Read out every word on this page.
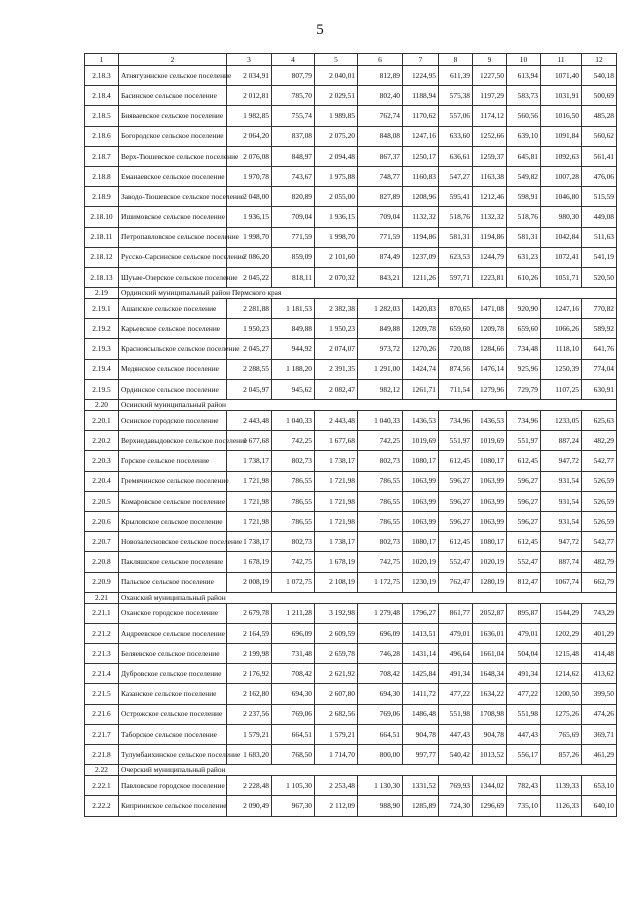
5
1	2	3	4	5	6	7	8	9	10	11	12
2.18.3	Атнягузинское сельское поселение	2 034,91	807,79	2 040,01	812,89	1224,95	611,39	1227,50	613,94	1071,40	540,18
2.18.4	Басинское сельское поселение	2 012,81	785,70	2 029,51	802,40	1188,94	575,38	1197,29	583,73	1031,91	500,69
2.18.5	Бияваевское сельское поселение	1 982,85	755,74	1 989,85	762,74	1170,62	557,06	1174,12	560,56	1016,50	485,28
2.18.6	Богородское сельское поселение	2 064,20	837,08	2 075,20	848,08	1247,16	633,60	1252,66	639,10	1091,84	560,62
2.18.7	Верх-Тюшевское сельское поселение	2 076,08	848,97	2 094,48	867,37	1250,17	636,61	1259,37	645,81	1092,63	561,41
2.18.8	Еманаевское сельское поселение	1 970,78	743,67	1 975,88	748,77	1160,83	547,27	1163,38	549,82	1007,28	476,06
2.18.9	Заводо-Тюшевское сельское поселение	2 048,00	820,89	2 055,00	827,89	1208,96	595,41	1212,46	598,91	1046,80	515,59
2.18.10	Ишимовское сельское поселение	1 936,15	709,04	1 936,15	709,04	1132,32	518,76	1132,32	518,76	980,30	449,08
2.18.11	Петропавловское сельское поселение	1 998,70	771,59	1 998,70	771,59	1194,86	581,31	1194,86	581,31	1042,84	511,63
2.18.12	Русско-Сарсинское сельское поселение	2 086,20	859,09	2 101,60	874,49	1237,09	623,53	1244,79	631,23	1072,41	541,19
2.18.13	Шуъве-Озерское сельское поселение	2 045,22	818,11	2 070,32	843,21	1211,26	597,71	1223,81	610,26	1051,71	520,50
2.19	Ординский муниципальный район Пермского края										
2.19.1	Ашапское сельское поселение	2 281,88	1 181,53	2 382,38	1 282,03	1420,83	870,65	1471,08	920,90	1247,16	770,82
2.19.2	Карьевское сельское поселение	1 950,23	849,88	1 950,23	849,88	1209,78	659,60	1209,78	659,60	1066,26	589,92
2.19.3	Красноясыльское сельское поселение	2 045,27	944,92	2 074,07	973,72	1270,26	720,08	1284,66	734,48	1118,10	641,76
2.19.4	Медянское сельское поселение	2 288,55	1 188,20	2 391,35	1 291,00	1424,74	874,56	1476,14	925,96	1250,39	774,04
2.19.5	Ординское сельское поселение	2 045,97	945,62	2 082,47	982,12	1261,71	711,54	1279,96	729,79	1107,25	630,91
2.20	Осинский муниципальный район										
2.20.1	Осинское городское поселение	2 443,48	1 040,33	2 443,48	1 040,33	1436,53	734,96	1436,53	734,96	1233,05	625,63
2.20.2	Верхнедавыдовское сельское поселение	1 677,68	742,25	1 677,68	742,25	1019,69	551,97	1019,69	551,97	887,24	482,29
2.20.3	Горское сельское поселение	1 738,17	802,73	1 738,17	802,73	1080,17	612,45	1080,17	612,45	947,72	542,77
2.20.4	Гремячинское сельское поселение	1 721,98	786,55	1 721,98	786,55	1063,99	596,27	1063,99	596,27	931,54	526,59
2.20.5	Комаровское сельское поселение	1 721,98	786,55	1 721,98	786,55	1063,99	596,27	1063,99	596,27	931,54	526,59
2.20.6	Крыловское сельское поселение	1 721,98	786,55	1 721,98	786,55	1063,99	596,27	1063,99	596,27	931,54	526,59
2.20.7	Новозалесновское сельское поселение	1 738,17	802,73	1 738,17	802,73	1080,17	612,45	1080,17	612,45	947,72	542,77
2.20.8	Пакляшское сельское поселение	1 678,19	742,75	1 678,19	742,75	1020,19	552,47	1020,19	552,47	887,74	482,79
2.20.9	Пальское сельское поселение	2 008,19	1 072,75	2 108,19	1 172,75	1230,19	762,47	1280,19	812,47	1067,74	662,79
2.21	Оханский муниципальный район										
2.21.1	Оханское городское поселение	2 679,78	1 211,28	3 192,98	1 279,48	1796,27	861,77	2052,87	895,87	1544,29	743,29
2.21.2	Андреевское сельское поселение	2 164,59	696,09	2 609,59	696,09	1413,51	479,01	1636,01	479,01	1202,29	401,29
2.21.3	Беляевское сельское поселение	2 199,98	731,48	2 659,78	746,28	1431,14	496,64	1661,04	504,04	1215,48	414,48
2.21.4	Дубровское сельское поселение	2 176,92	708,42	2 621,92	708,42	1425,84	491,34	1648,34	491,34	1214,62	413,62
2.21.5	Казанское сельское поселение	2 162,80	694,30	2 607,80	694,30	1411,72	477,22	1634,22	477,22	1200,50	399,50
2.21.6	Острожское сельское поселение	2 237,56	769,06	2 682,56	769,06	1486,48	551,98	1708,98	551,98	1275,26	474,26
2.21.7	Таборское сельское поселение	1 579,21	664,51	1 579,21	664,51	904,78	447,43	904,78	447,43	765,69	369,71
2.21.8	Тулумбаихинское сельское поселение	1 683,20	768,50	1 714,70	800,00	997,77	540,42	1013,52	556,17	857,26	461,29
2.22	Очерский муниципальный район										
2.22.1	Павловское городское поселение	2 228,48	1 105,30	2 253,48	1 130,30	1331,52	769,93	1344,02	782,43	1139,33	653,10
2.22.2	Киприниское сельское поселение	2 090,49	967,30	2 112,09	988,90	1285,89	724,30	1296,69	735,10	1126,33	640,10
